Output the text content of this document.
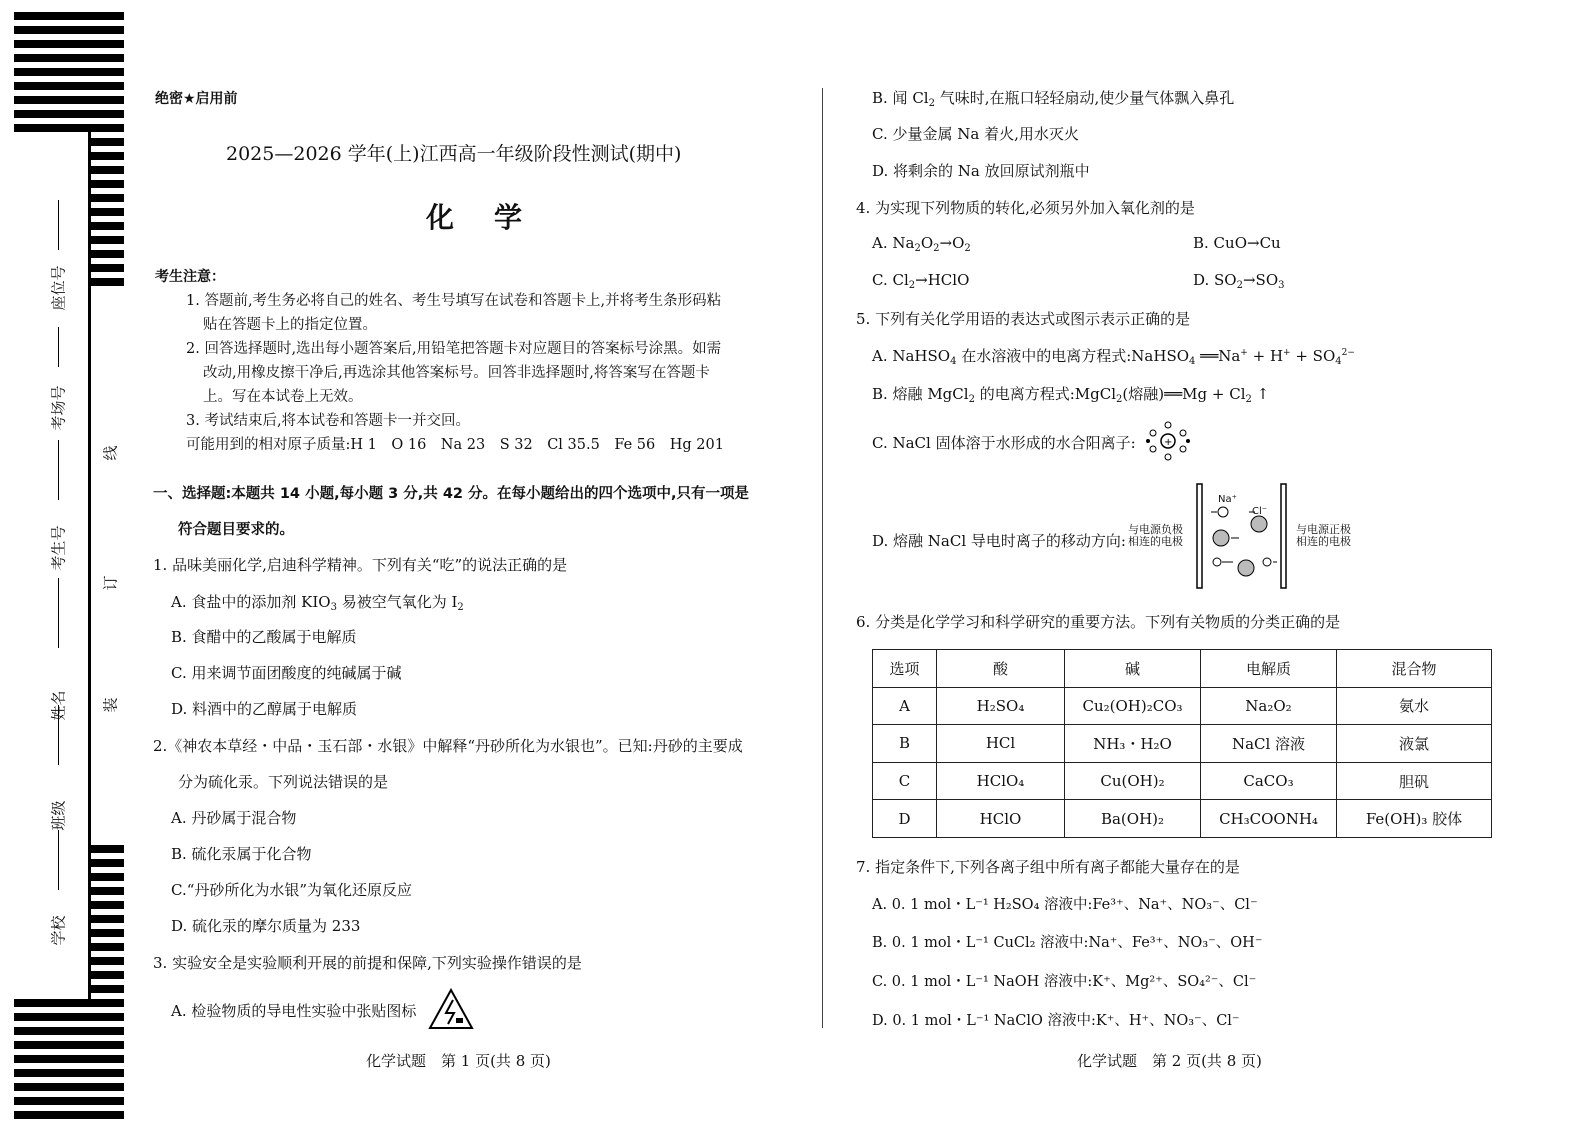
座位号
考场号
考生号
姓名
班级
学校
线
订
装
绝密★启用前
2025—2026 学年(上)江西高一年级阶段性测试(期中)
化　学
考生注意：
1. 答题前,考生务必将自己的姓名、考生号填写在试卷和答题卡上,并将考生条形码粘
贴在答题卡上的指定位置。
2. 回答选择题时,选出每小题答案后,用铅笔把答题卡对应题目的答案标号涂黑。如需
改动,用橡皮擦干净后,再选涂其他答案标号。回答非选择题时,将答案写在答题卡
上。写在本试卷上无效。
3. 考试结束后,将本试卷和答题卡一并交回。
可能用到的相对原子质量:H 1　O 16　Na 23　S 32　Cl 35.5　Fe 56　Hg 201
一、选择题:本题共 14 小题,每小题 3 分,共 42 分。在每小题给出的四个选项中,只有一项是
符合题目要求的。
1. 品味美丽化学,启迪科学精神。下列有关“吃”的说法正确的是
A. 食盐中的添加剂 $KIO_3$ 易被空气氧化为 $I_2$
B. 食醋中的乙酸属于电解质
C. 用来调节面团酸度的纯碱属于碱
D. 料酒中的乙醇属于电解质
2.《神农本草经・中品・玉石部・水银》中解释“丹砂所化为水银也”。已知:丹砂的主要成
分为硫化汞。下列说法错误的是
A. 丹砂属于混合物
B. 硫化汞属于化合物
C.“丹砂所化为水银”为氧化还原反应
D. 硫化汞的摩尔质量为 233
3. 实验安全是实验顺利开展的前提和保障,下列实验操作错误的是
A. 检验物质的导电性实验中张贴图标
化学试题　第 1 页(共 8 页)
B. 闻 $Cl_2$ 气味时,在瓶口轻轻扇动,使少量气体飘入鼻孔
C. 少量金属 Na 着火,用水灭火
D. 将剩余的 Na 放回原试剂瓶中
4. 为实现下列物质的转化,必须另外加入氧化剂的是
A. $Na_2O_2\to O_2$	B. CuO→Cu
C. $Cl_2\to HClO$	D. $SO_2\to SO_3$
5. 下列有关化学用语的表达式或图示表示正确的是
A. NaHSO$_4$ 在水溶液中的电离方程式:NaHSO$_4$ ══Na+ + $H^+ + SO_4^{2-}$
B. 熔融 MgCl$_2$ 的电离方程式:MgCl$_2$(熔融)══Mg + $Cl_2$ ↑
C. NaCl 固体溶于水形成的水合阳离子:	+
D. 熔融 NaCl 导电时离子的移动方向:
与电源负极
相连的电极
Na⁺
Cl⁻
与电源正极
相连的电极
6. 分类是化学学习和科学研究的重要方法。下列有关物质的分类正确的是
选项	酸	碱	电解质	混合物
A	H₂SO₄	Cu₂(OH)₂CO₃	Na₂O₂	氨水
B	HCl	NH₃・H₂O	NaCl 溶液	液氯
C	HClO₄	Cu(OH)₂	CaCO₃	胆矾
D	HClO	Ba(OH)₂	CH₃COONH₄	Fe(OH)₃ 胶体
7. 指定条件下,下列各离子组中所有离子都能大量存在的是
A. 0. 1 mol・L⁻¹ H₂SO₄ 溶液中:Fe³⁺、Na⁺、NO₃⁻、Cl⁻
B. 0. 1 mol・L⁻¹ CuCl₂ 溶液中:Na⁺、Fe³⁺、NO₃⁻、OH⁻
C. 0. 1 mol・L⁻¹ NaOH 溶液中:K⁺、Mg²⁺、SO₄²⁻、Cl⁻
D. 0. 1 mol・L⁻¹ NaClO 溶液中:K⁺、H⁺、NO₃⁻、Cl⁻
化学试题　第 2 页(共 8 页)
